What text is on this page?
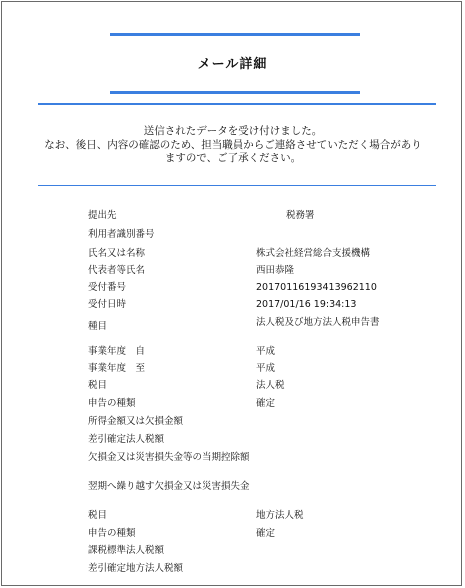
メール詳細
送信されたデータを受け付けました。
なお、後日、内容の確認のため、担当職員からご連絡させていただく場合があり
ますので、ご了承ください。
提出先	税務署
利用者識別番号
氏名又は名称	株式会社経営総合支援機構
代表者等氏名	西田恭隆
受付番号	20170116193413962110
受付日時	2017/01/16 19:34:13
種目	法人税及び地方法人税申告書
事業年度　自	平成
事業年度　至	平成
税目	法人税
申告の種類	確定
所得金額又は欠損金額
差引確定法人税額
欠損金又は災害損失金等の当期控除額
翌期へ繰り越す欠損金又は災害損失金
税目	地方法人税
申告の種類	確定
課税標準法人税額
差引確定地方法人税額
